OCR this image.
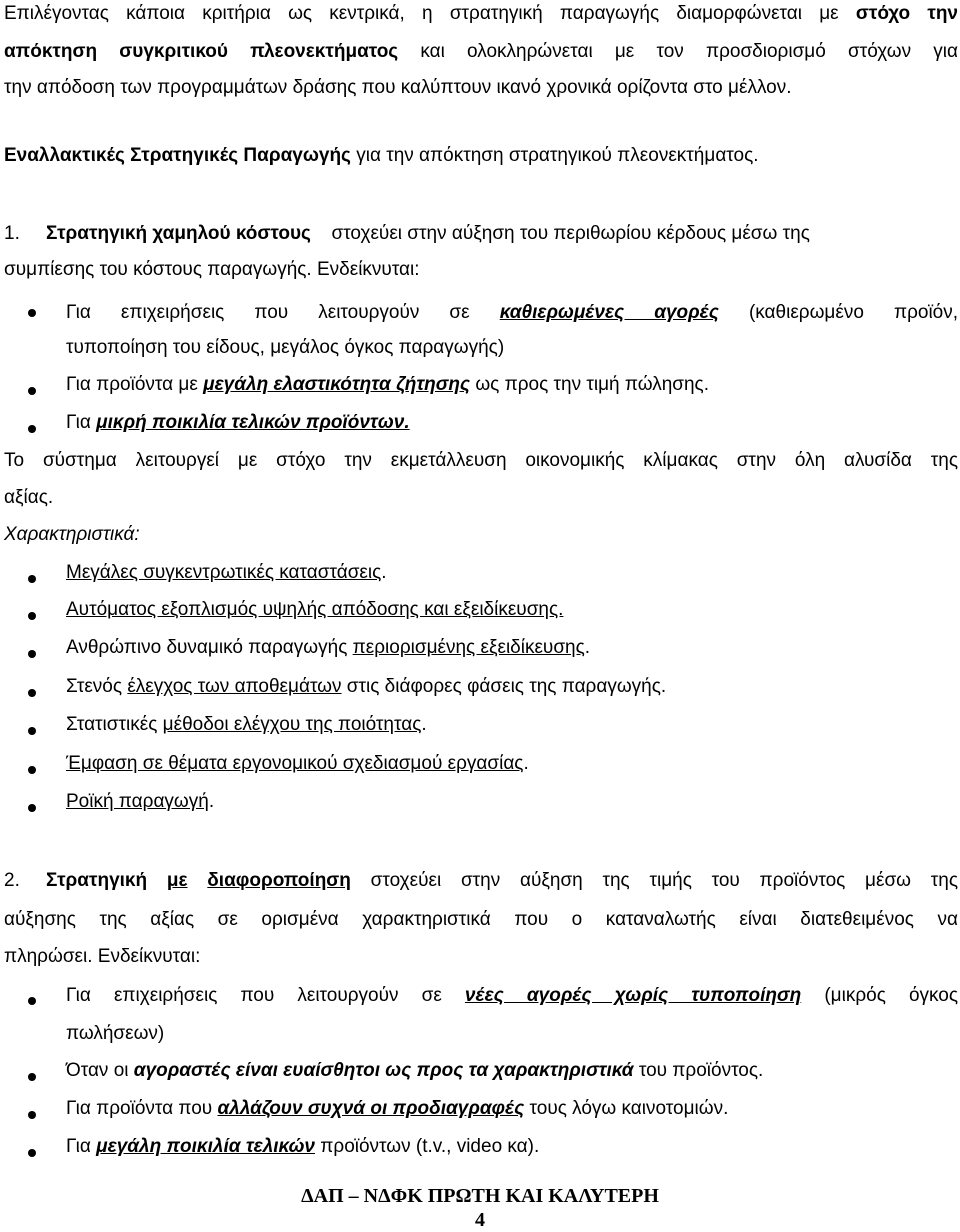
Επιλέγοντας κάποια κριτήρια ως κεντρικά, η στρατηγική παραγωγής διαμορφώνεται με στόχο την
απόκτηση συγκριτικού πλεονεκτήματος και ολοκληρώνεται με τον προσδιορισμό στόχων για
την απόδοση των προγραμμάτων δράσης που καλύπτουν ικανό χρονικά ορίζοντα στο μέλλον.
Εναλλακτικές Στρατηγικές Παραγωγής για την απόκτηση στρατηγικού πλεονεκτήματος.
Στρατηγική χαμηλού κόστους στοχεύει στην αύξηση του περιθωρίου κέρδους μέσω της
1.
συμπίεσης του κόστους παραγωγής. Ενδείκνυται:
Για επιχειρήσεις που λειτουργούν σε καθιερωμένες αγορές (καθιερωμένο προϊόν,
τυποποίηση του είδους, μεγάλος όγκος παραγωγής)
Για προϊόντα με μεγάλη ελαστικότητα ζήτησης ως προς την τιμή πώλησης.
Για μικρή ποικιλία τελικών προϊόντων.
Το σύστημα λειτουργεί με στόχο την εκμετάλλευση οικονομικής κλίμακας στην όλη αλυσίδα της
αξίας.
Χαρακτηριστικά:
Μεγάλες συγκεντρωτικές καταστάσεις.
Αυτόματος εξοπλισμός υψηλής απόδοσης και εξειδίκευσης.
Ανθρώπινο δυναμικό παραγωγής περιορισμένης εξειδίκευσης.
Στενός έλεγχος των αποθεμάτων στις διάφορες φάσεις της παραγωγής.
Στατιστικές μέθοδοι ελέγχου της ποιότητας.
Έμφαση σε θέματα εργονομικού σχεδιασμού εργασίας.
Ροϊκή παραγωγή.
2. Στρατηγική με διαφοροποίηση στοχεύει στην αύξηση της τιμής του προϊόντος μέσω της
αύξησης της αξίας σε ορισμένα χαρακτηριστικά που ο καταναλωτής είναι διατεθειμένος να
πληρώσει. Ενδείκνυται:
Για επιχειρήσεις που λειτουργούν σε νέες αγορές χωρίς τυποποίηση (μικρός όγκος
πωλήσεων)
Όταν οι αγοραστές είναι ευαίσθητοι ως προς τα χαρακτηριστικά του προϊόντος.
Για προϊόντα που αλλάζουν συχνά οι προδιαγραφές τους λόγω καινοτομιών.
Για μεγάλη ποικιλία τελικών προϊόντων (t.v., video κα).
ΔΑΠ – ΝΔΦΚ ΠΡΩΤΗ ΚΑΙ ΚΑΛΥΤΕΡΗ
4
